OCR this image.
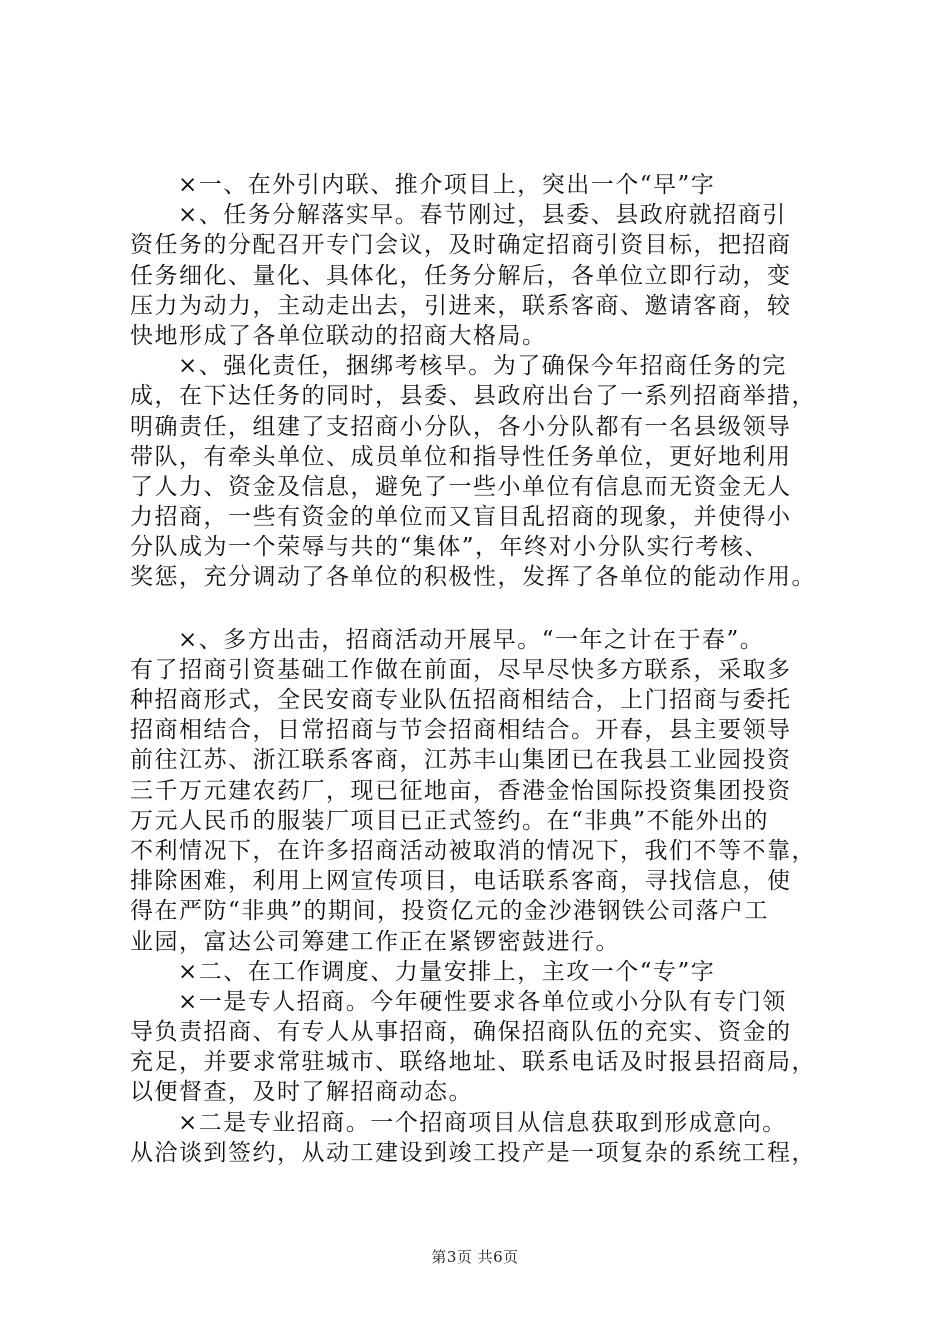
×一、在外引内联、推介项目上，突出一个“早”字
×、任务分解落实早。春节刚过，县委、县政府就招商引
资任务的分配召开专门会议，及时确定招商引资目标，把招商
任务细化、量化、具体化，任务分解后，各单位立即行动，变
压力为动力，主动走出去，引进来，联系客商、邀请客商，较
快地形成了各单位联动的招商大格局。
×、强化责任，捆绑考核早。为了确保今年招商任务的完
成，在下达任务的同时，县委、县政府出台了一系列招商举措，
明确责任，组建了支招商小分队，各小分队都有一名县级领导
带队，有牵头单位、成员单位和指导性任务单位，更好地利用
了人力、资金及信息，避免了一些小单位有信息而无资金无人
力招商，一些有资金的单位而又盲目乱招商的现象，并使得小
分队成为一个荣辱与共的“集体”，年终对小分队实行考核、
奖惩，充分调动了各单位的积极性，发挥了各单位的能动作用。
×、多方出击，招商活动开展早。“一年之计在于春”。
有了招商引资基础工作做在前面，尽早尽快多方联系，采取多
种招商形式，全民安商专业队伍招商相结合，上门招商与委托
招商相结合，日常招商与节会招商相结合。开春，县主要领导
前往江苏、浙江联系客商，江苏丰山集团已在我县工业园投资
三千万元建农药厂，现已征地亩，香港金怡国际投资集团投资
万元人民币的服装厂项目已正式签约。在“非典”不能外出的
不利情况下，在许多招商活动被取消的情况下，我们不等不靠，
排除困难，利用上网宣传项目，电话联系客商，寻找信息，使
得在严防“非典”的期间，投资亿元的金沙港钢铁公司落户工
业园，富达公司筹建工作正在紧锣密鼓进行。
×二、在工作调度、力量安排上，主攻一个“专”字
×一是专人招商。今年硬性要求各单位或小分队有专门领
导负责招商、有专人从事招商，确保招商队伍的充实、资金的
充足，并要求常驻城市、联络地址、联系电话及时报县招商局，
以便督查，及时了解招商动态。
×二是专业招商。一个招商项目从信息获取到形成意向。
从洽谈到签约，从动工建设到竣工投产是一项复杂的系统工程，
第3页 共6页
